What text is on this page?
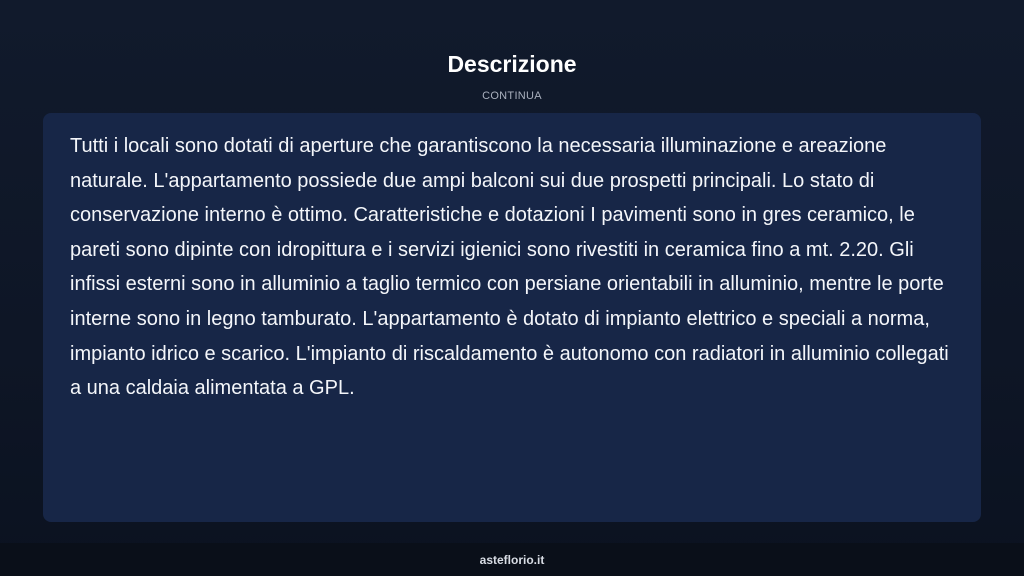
Descrizione
CONTINUA

Tutti i locali sono dotati di aperture che garantiscono la necessaria illuminazione e areazione naturale. L'appartamento possiede due ampi balconi sui due prospetti principali. Lo stato di conservazione interno è ottimo. Caratteristiche e dotazioni I pavimenti sono in gres ceramico, le pareti sono dipinte con idropittura e i servizi igienici sono rivestiti in ceramica fino a mt. 2.20. Gli infissi esterni sono in alluminio a taglio termico con persiane orientabili in alluminio, mentre le porte interne sono in legno tamburato. L'appartamento è dotato di impianto elettrico e speciali a norma, impianto idrico e scarico. L'impianto di riscaldamento è autonomo con radiatori in alluminio collegati a una caldaia alimentata a GPL.

asteflorio.it
